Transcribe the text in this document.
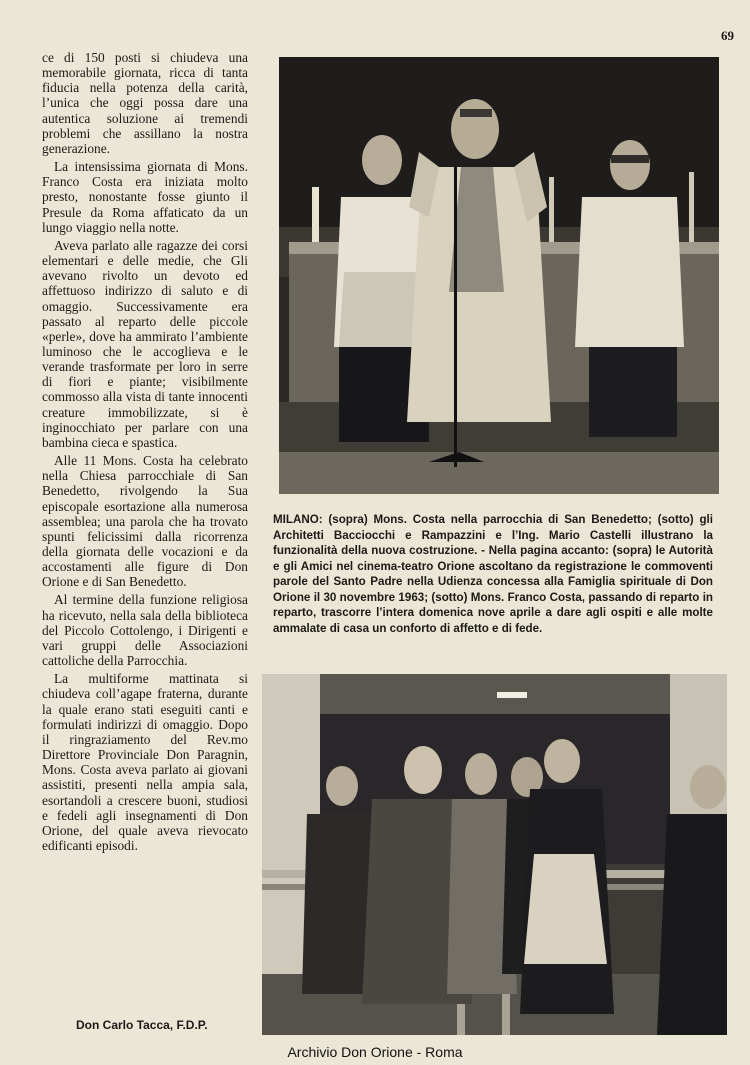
69

ce di 150 posti si chiudeva una memorabile giornata, ricca di tanta fiducia nella potenza della carità, l’unica che oggi possa dare una autentica soluzione ai tremendi problemi che assillano la nostra generazione.

La intensissima giornata di Mons. Franco Costa era iniziata molto presto, nonostante fosse giunto il Presule da Roma affaticato da un lungo viaggio nella notte.

Aveva parlato alle ragazze dei corsi elementari e delle medie, che Gli avevano rivolto un devoto ed affettuoso indirizzo di saluto e di omaggio. Successivamente era passato al reparto delle piccole «perle», dove ha ammirato l’ambiente luminoso che le accoglieva e le verande trasformate per loro in serre di fiori e piante; visibilmente commosso alla vista di tante innocenti creature immobilizzate, si è inginocchiato per parlare con una bambina cieca e spastica.

Alle 11 Mons. Costa ha celebrato nella Chiesa parrocchiale di San Benedetto, rivolgendo la Sua episcopale esortazione alla numerosa assemblea; una parola che ha trovato spunti felicissimi dalla ricorrenza della giornata delle vocazioni e da accostamenti alle figure di Don Orione e di San Benedetto.

Al termine della funzione religiosa ha ricevuto, nella sala della biblioteca del Piccolo Cottolengo, i Dirigenti e vari gruppi delle Associazioni cattoliche della Parrocchia.

La multiforme mattinata si chiudeva coll’agape fraterna, durante la quale erano stati eseguiti canti e formulati indirizzi di omaggio. Dopo il ringraziamento del Rev.mo Direttore Provinciale Don Paragnin, Mons. Costa aveva parlato ai giovani assistiti, presenti nella ampia sala, esortandoli a crescere buoni, studiosi e fedeli agli insegnamenti di Don Orione, del quale aveva rievocato edificanti episodi.

Don Carlo Tacca, F.D.P.
MILANO: (sopra) Mons. Costa nella parrocchia di San Benedetto; (sotto) gli Architetti Bacciocchi e Rampazzini e l’Ing. Mario Castelli illustrano la funzionalità della nuova costruzione. - Nella pagina accanto: (sopra) le Autorità e gli Amici nel cinema-teatro Orione ascoltano da registrazione le commoventi parole del Santo Padre nella Udienza concessa alla Famiglia spirituale di Don Orione il 30 novembre 1963; (sotto) Mons. Franco Costa, passando di reparto in reparto, trascorre l’intera domenica nove aprile a dare agli ospiti e alle molte ammalate di casa un conforto di affetto e di fede.
Archivio Don Orione - Roma
